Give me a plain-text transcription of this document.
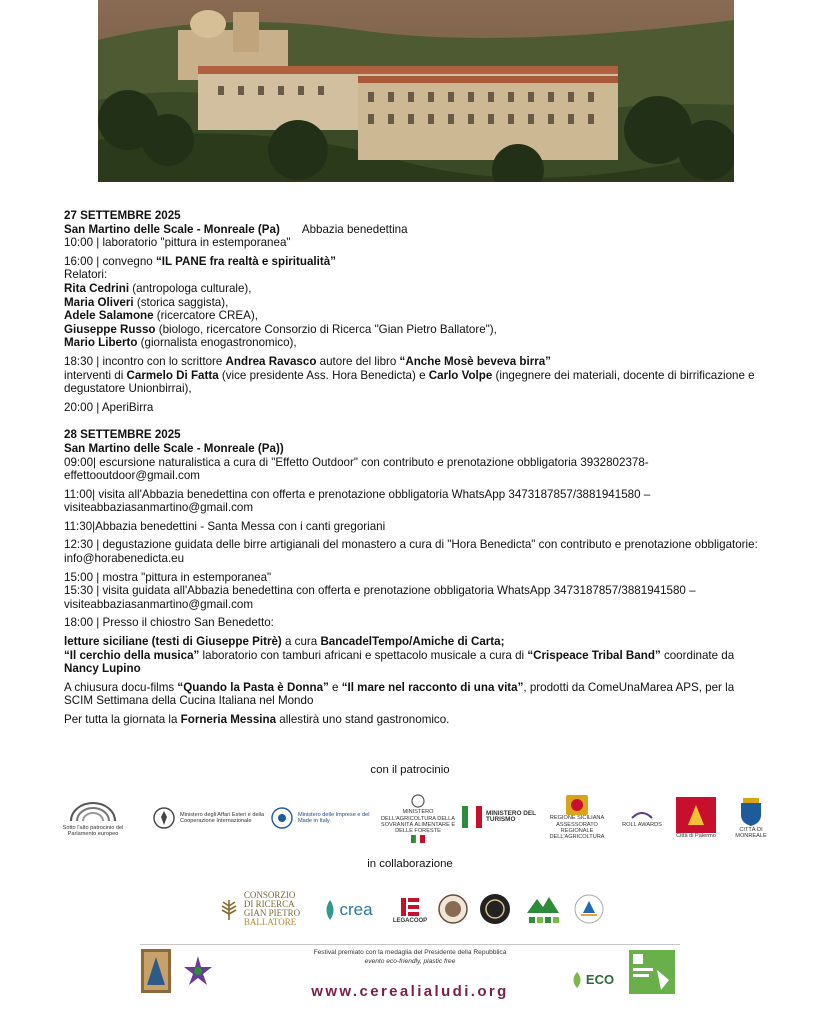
27 SETTEMBRE 2025

San Martino delle Scale - Monreale (Pa) Abbazia benedettina

10:00 | laboratorio "pittura in estemporanea"

16:00 | convegno “IL PANE fra realtà e spiritualità”

Relatori:

Rita Cedrini (antropologa culturale),

Maria Oliveri (storica saggista),

Adele Salamone (ricercatore CREA),

Giuseppe Russo (biologo, ricercatore Consorzio di Ricerca "Gian Pietro Ballatore"),

Mario Liberto (giornalista enogastronomico),

18:30 | incontro con lo scrittore Andrea Ravasco autore del libro “Anche Mosè beveva birra”

interventi di Carmelo Di Fatta (vice presidente Ass. Hora Benedicta) e Carlo Volpe (ingegnere dei materiali, docente di birrificazione e degustatore Unionbirrai),

20:00 | AperiBirra

28 SETTEMBRE 2025

San Martino delle Scale - Monreale (Pa))

09:00| escursione naturalistica a cura di "Effetto Outdoor" con contributo e prenotazione obbligatoria 3932802378-effettooutdoor@gmail.com

11:00| visita all'Abbazia benedettina con offerta e prenotazione obbligatoria WhatsApp 3473187857/3881941580 – visiteabbaziasanmartino@gmail.com

11:30|Abbazia benedettini - Santa Messa con i canti gregoriani

12:30 | degustazione guidata delle birre artigianali del monastero a cura di "Hora Benedicta" con contributo e prenotazione obbligatorie: info@horabenedicta.eu

15:00 | mostra "pittura in estemporanea"

15:30 | visita guidata all'Abbazia benedettina con offerta e prenotazione obbligatoria WhatsApp 3473187857/3881941580 – visiteabbaziasanmartino@gmail.com

18:00 | Presso il chiostro San Benedetto:

letture siciliane (testi di Giuseppe Pitrè) a cura BancadelTempo/Amiche di Carta;

“Il cerchio della musica” laboratorio con tamburi africani e spettacolo musicale a cura di “Crispeace Tribal Band” coordinate da Nancy Lupino

A chiusura docu-films “Quando la Pasta è Donna” e “Il mare nel racconto di una vita”, prodotti da ComeUnaMarea APS, per la SCIM Settimana della Cucina Italiana nel Mondo

Per tutta la giornata la Forneria Messina allestirà uno stand gastronomico.

con il patrocinio
Sotto l'alto patrocinio del Parlamento europeo
Ministero degli Affari Esteri e della Cooperazione Internazionale
Ministero delle Imprese e del Made in Italy
MINISTERO DELL'AGRICOLTURA DELLA SOVRANITÀ ALIMENTARE E DELLE FORESTE
MINISTERO DEL TURISMO	REGIONE SICILIANA ASSESSORATO REGIONALE DELL'AGRICOLTURA
ROLL AWARDS
Città di Palermo
CITTÀ DI MONREALE
in collaborazione
CONSORZIO
DI RICERCA
GIAN PIETRO
BALLATORE
crea
LEGACOOP
Festival premiato con la medaglia del Presidente della Repubblica
evento eco-friendly, plastic free
ECO
www.cerealialudi.org
